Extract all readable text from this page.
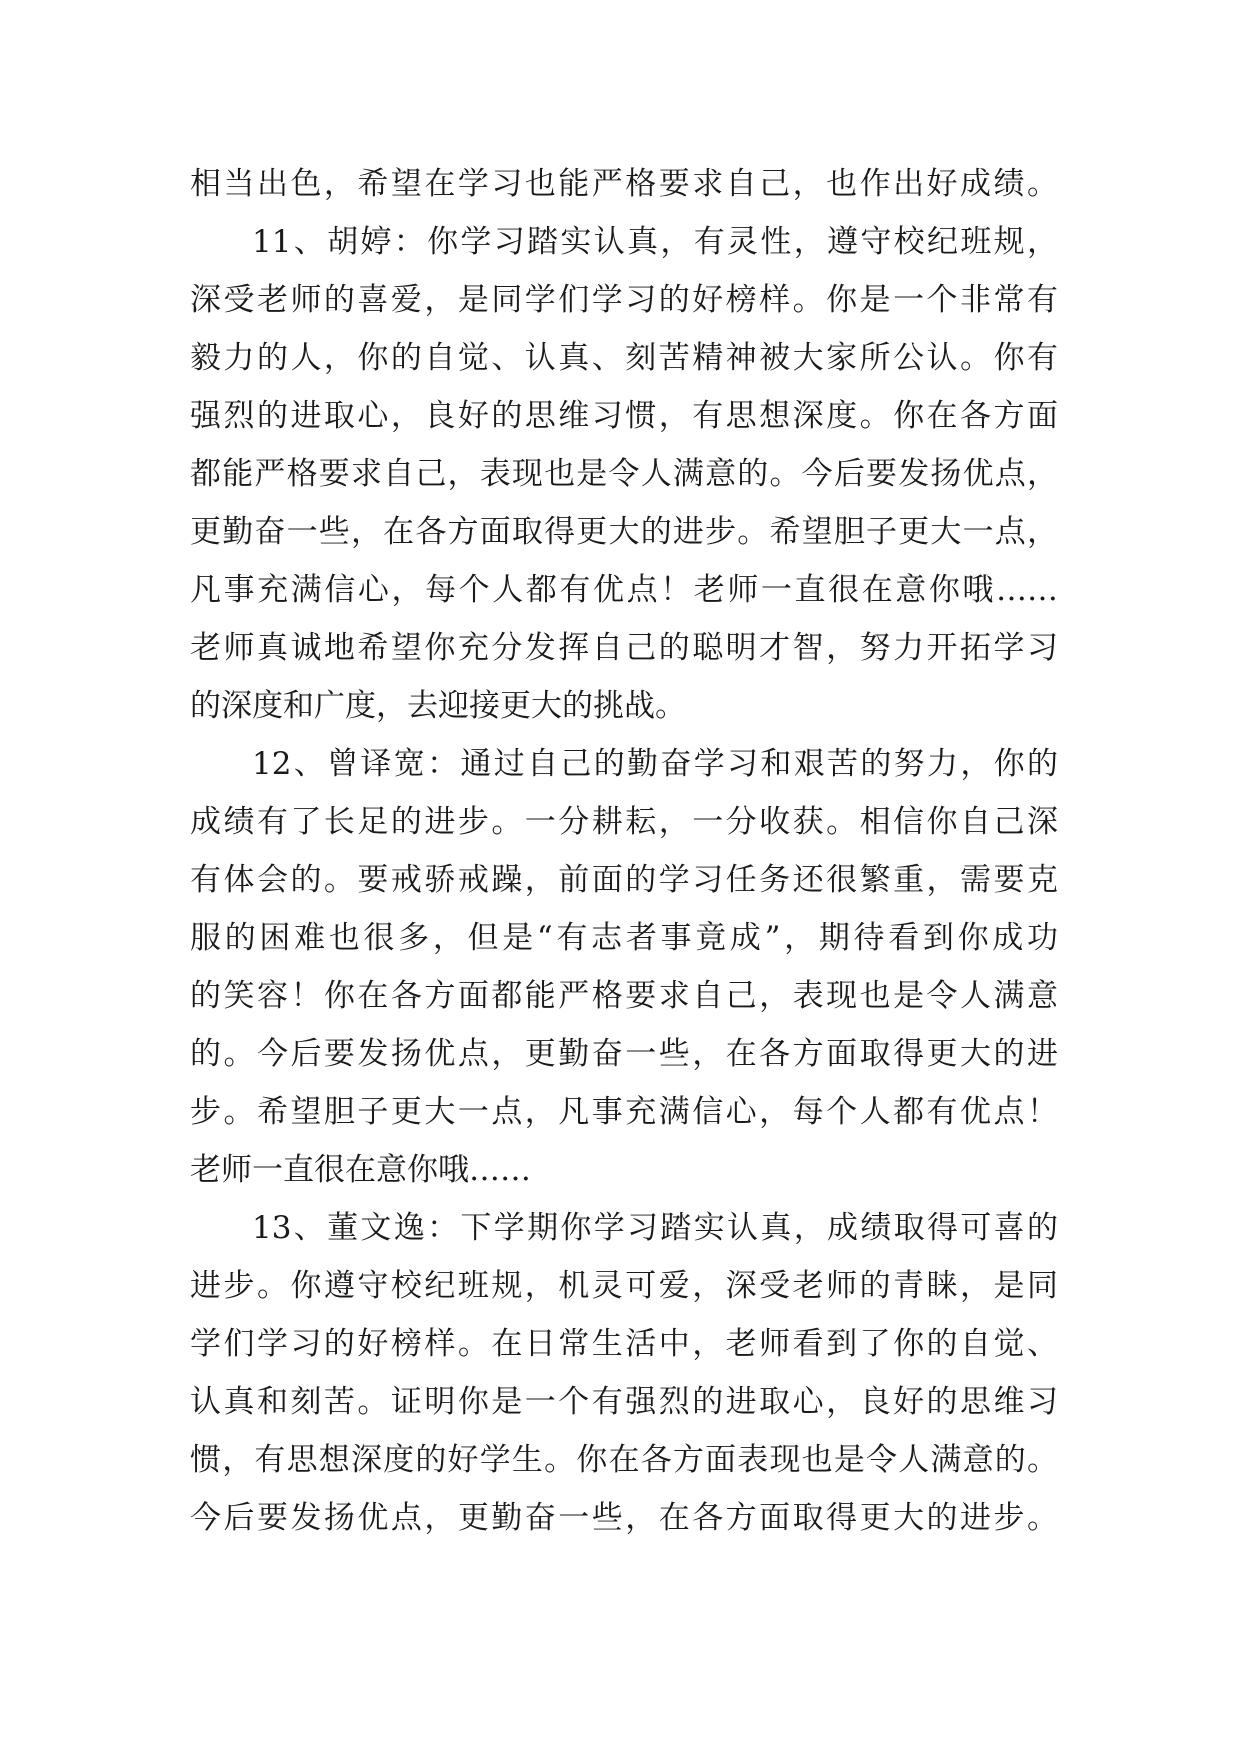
相当出色，希望在学习也能严格要求自己，也作出好成绩。
11、胡婷：你学习踏实认真，有灵性，遵守校纪班规，
深受老师的喜爱，是同学们学习的好榜样。你是一个非常有
毅力的人，你的自觉、认真、刻苦精神被大家所公认。你有
强烈的进取心，良好的思维习惯，有思想深度。你在各方面
都能严格要求自己，表现也是令人满意的。今后要发扬优点，
更勤奋一些，在各方面取得更大的进步。希望胆子更大一点，
凡事充满信心，每个人都有优点！老师一直很在意你哦……
老师真诚地希望你充分发挥自己的聪明才智，努力开拓学习
的深度和广度，去迎接更大的挑战。
12、曾译宽：通过自己的勤奋学习和艰苦的努力，你的
成绩有了长足的进步。一分耕耘，一分收获。相信你自己深
有体会的。要戒骄戒躁，前面的学习任务还很繁重，需要克
服的困难也很多，但是“有志者事竟成”，期待看到你成功
的笑容！你在各方面都能严格要求自己，表现也是令人满意
的。今后要发扬优点，更勤奋一些，在各方面取得更大的进
步。希望胆子更大一点，凡事充满信心，每个人都有优点！
老师一直很在意你哦……
13、董文逸：下学期你学习踏实认真，成绩取得可喜的
进步。你遵守校纪班规，机灵可爱，深受老师的青睐，是同
学们学习的好榜样。在日常生活中，老师看到了你的自觉、
认真和刻苦。证明你是一个有强烈的进取心，良好的思维习
惯，有思想深度的好学生。你在各方面表现也是令人满意的。
今后要发扬优点，更勤奋一些，在各方面取得更大的进步。
